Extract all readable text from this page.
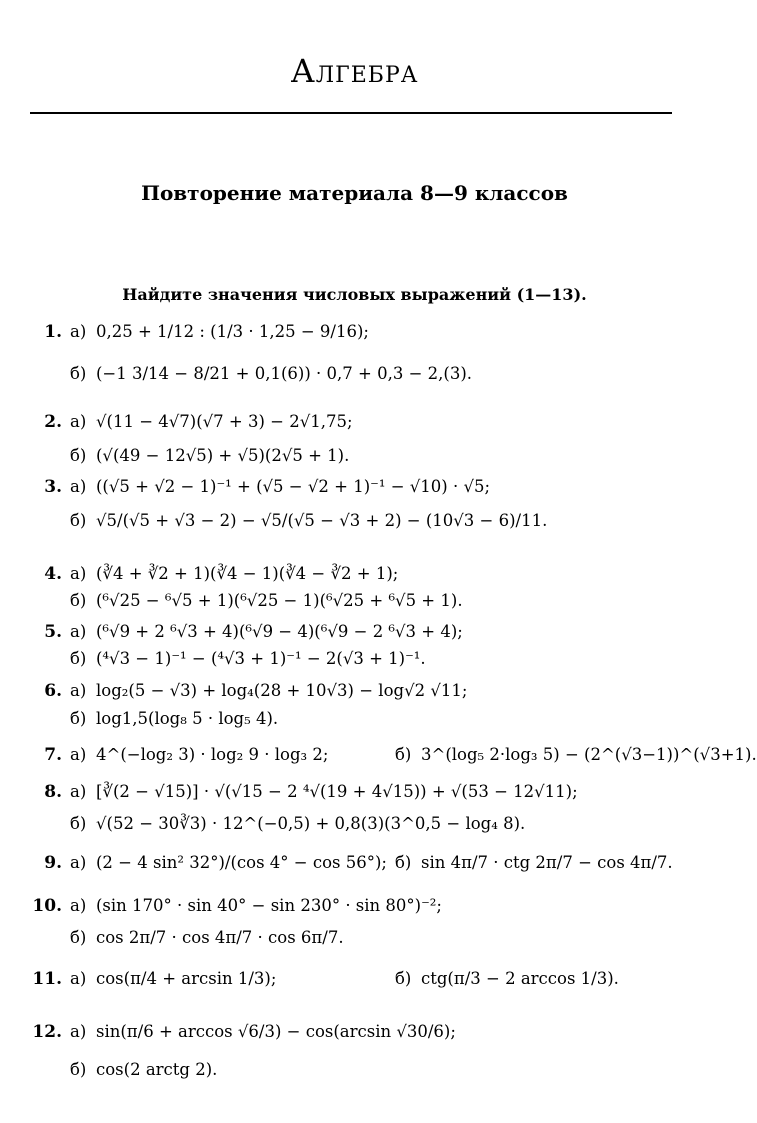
Алгебра
Повторение материала 8—9 классов
Найдите значения числовых выражений (1—13).
1. а) 0,25 + 1/12 : (1/3 · 1,25 − 9/16);
б) (−1 3/14 − 8/21 + 0,1(6)) · 0,7 + 0,3 − 2,(3).
2. а) √(11 − 4√7)(√7 + 3) − 2√1,75;
б) (√(49 − 12√5) + √5)(2√5 + 1).
3. а) ((√5 + √2 − 1)⁻¹ + (√5 − √2 + 1)⁻¹ − √10) · √5;
б) √5/(√5 + √3 − 2) − √5/(√5 − √3 + 2) − (10√3 − 6)/11.
4. а) (∛4 + ∛2 + 1)(∛4 − 1)(∛4 − ∛2 + 1);
б) (⁶√25 − ⁶√5 + 1)(⁶√25 − 1)(⁶√25 + ⁶√5 + 1).
5. а) (⁶√9 + 2 ⁶√3 + 4)(⁶√9 − 4)(⁶√9 − 2 ⁶√3 + 4);
б) (⁴√3 − 1)⁻¹ − (⁴√3 + 1)⁻¹ − 2(√3 + 1)⁻¹.
6. а) log₂(5 − √3) + log₄(28 + 10√3) − log√2 √11;
б) log1,5(log₈ 5 · log₅ 4).
7. а) 4^(−log₂ 3) · log₂ 9 · log₃ 2;	б) 3^(log₅ 2·log₃ 5) − (2^(√3−1))^(√3+1).
8. а) [∛(2 − √15)] · √(√15 − 2 ⁴√(19 + 4√15)) + √(53 − 12√11);
б) √(52 − 30∛3) · 12^(−0,5) + 0,8(3)(3^0,5 − log₄ 8).
9. а) (2 − 4 sin² 32°)/(cos 4° − cos 56°); б) sin 4π/7 · ctg 2π/7 − cos 4π/7.
10. а) (sin 170° · sin 40° − sin 230° · sin 80°)⁻²;
б) cos 2π/7 · cos 4π/7 · cos 6π/7.
11. а) cos(π/4 + arcsin 1/3);	б) ctg(π/3 − 2 arccos 1/3).
12. а) sin(π/6 + arccos √6/3) − cos(arcsin √30/6);
б) cos(2 arctg 2).
